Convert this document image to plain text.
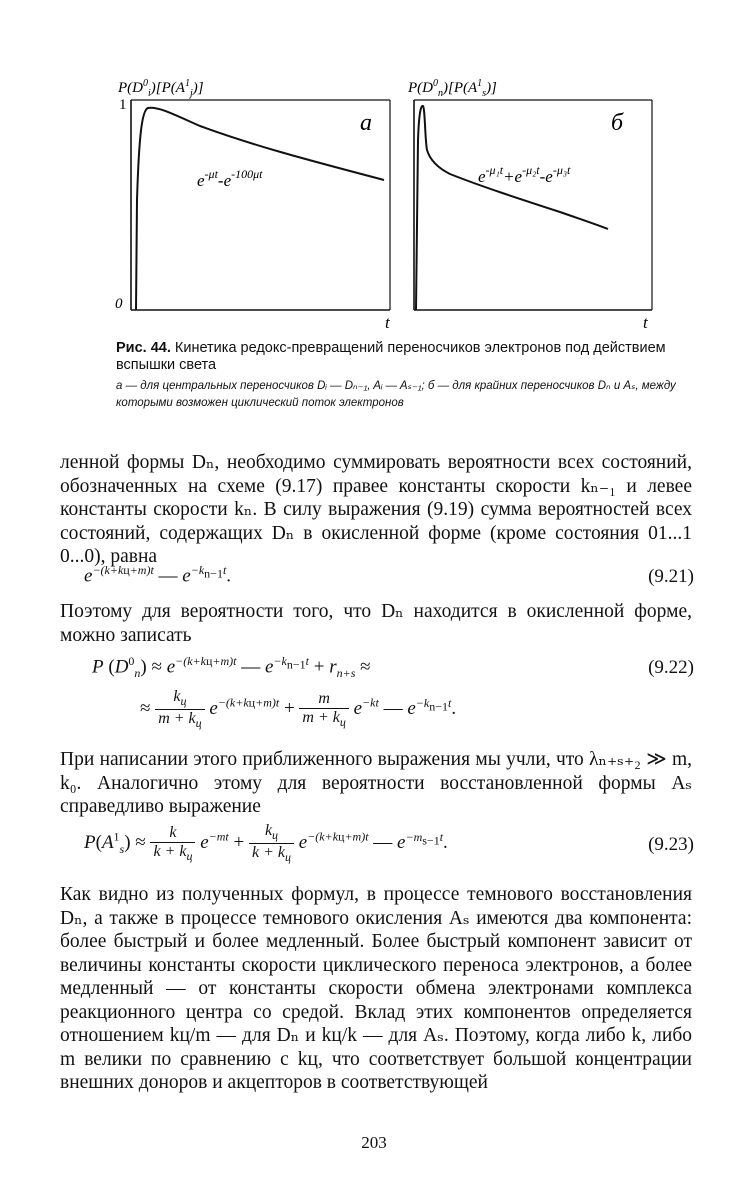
$P(D^0_i)[P(A^1_j)]$
1
0
а
$e^{-\mu t}-e^{-100\mu t}$
t
$P(D^0_n)[P(A^1_s)]$
б
$e^{-\mu_1t}+e^{-\mu_2t}-e^{-\mu_3t}$
t
Рис. 44. Кинетика редокс-превращений переносчиков электронов под действием вспышки света
а — для центральных переносчиков Dᵢ — Dₙ₋₁, Aᵢ — Aₛ₋₁; б — для крайних переносчиков Dₙ и Aₛ, между которыми возможен циклический поток электронов
ленной формы Dₙ, необходимо суммировать вероятности всех состояний, обозначенных на схеме (9.17) правее константы скорости kₙ₋₁ и левее константы скорости kₙ. В силу выражения (9.19) сумма вероятностей всех состояний, содержащих Dₙ в окисленной форме (кроме состояния 01...1 0...0), равна
$e^{-(k+kц+m)t}$ — $e^{-k_{n-1}t}$.	(9.21)
Поэтому для вероятности того, что Dₙ находится в окисленной форме, можно записать
P $(D^0_n) \approx e^{-(k+kц+m)t}$ — $e^{-k_{n-1}t} + r_{n+s}$ ≈	(9.22)
≈ $\frac{k_ц}{m + k_ц} e^{-(k+kц+m)t} + \frac{m}{m + k_ц} e^{-kt}$ — $e^{-k_{n-1}t}$.
При написании этого приближенного выражения мы учли, что λₙ₊ₛ₊₂ ≫ m, k₀. Аналогично этому для вероятности восстановленной формы Aₛ справедливо выражение
$P(A^1_s) \approx \frac{k}{k + k_ц} e^{-mt} + \frac{k_ц}{k + k_ц} e^{-(k+kц+m)t}$ — $e^{-m_{s-1}t}$.	(9.23)
Как видно из полученных формул, в процессе темнового восстановления Dₙ, а также в процессе темнового окисления Aₛ имеются два компонента: более быстрый и более медленный. Более быстрый компонент зависит от величины константы скорости циклического переноса электронов, а более медленный — от константы скорости обмена электронами комплекса реакционного центра со средой. Вклад этих компонентов определяется отношением kц/m — для Dₙ и kц/k — для Aₛ. Поэтому, когда либо k, либо m велики по сравнению с kц, что соответствует большой концентрации внешних доноров и акцепторов в соответствующей
203
